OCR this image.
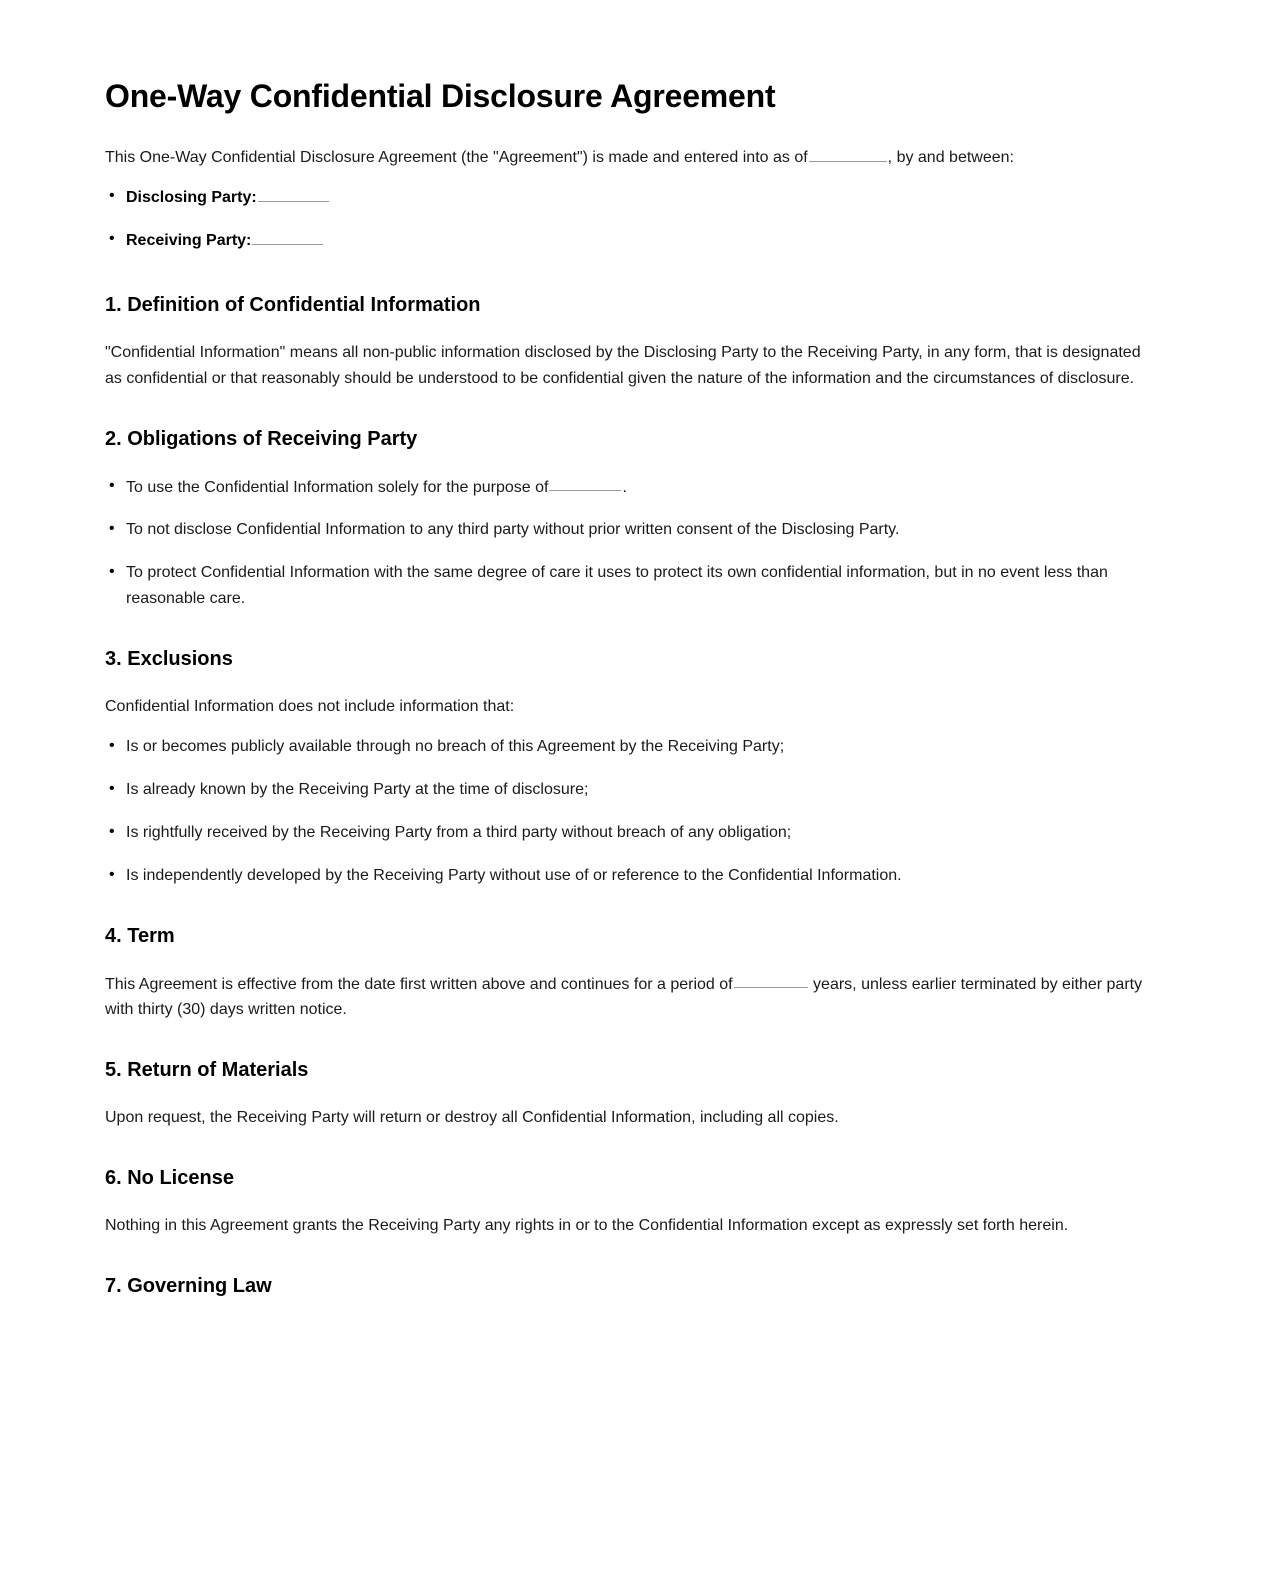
One-Way Confidential Disclosure Agreement

This One-Way Confidential Disclosure Agreement (the "Agreement") is made and entered into as of	, by and between:

• Disclosing Party:
• Receiving Party:
1. Definition of Confidential Information

"Confidential Information" means all non-public information disclosed by the Disclosing Party to the Receiving Party, in any form, that is designated as confidential or that reasonably should be understood to be confidential given the nature of the information and the circumstances of disclosure.

2. Obligations of Receiving Party
• To use the Confidential Information solely for the purpose of	.
• To not disclose Confidential Information to any third party without prior written consent of the Disclosing Party.
• To protect Confidential Information with the same degree of care it uses to protect its own confidential information, but in no event less than reasonable care.
3. Exclusions

Confidential Information does not include information that:

• Is or becomes publicly available through no breach of this Agreement by the Receiving Party;
• Is already known by the Receiving Party at the time of disclosure;
• Is rightfully received by the Receiving Party from a third party without breach of any obligation;
• Is independently developed by the Receiving Party without use of or reference to the Confidential Information.
4. Term

This Agreement is effective from the date first written above and continues for a period of	years, unless earlier terminated by either party with thirty (30) days written notice.

5. Return of Materials

Upon request, the Receiving Party will return or destroy all Confidential Information, including all copies.

6. No License

Nothing in this Agreement grants the Receiving Party any rights in or to the Confidential Information except as expressly set forth herein.

7. Governing Law
